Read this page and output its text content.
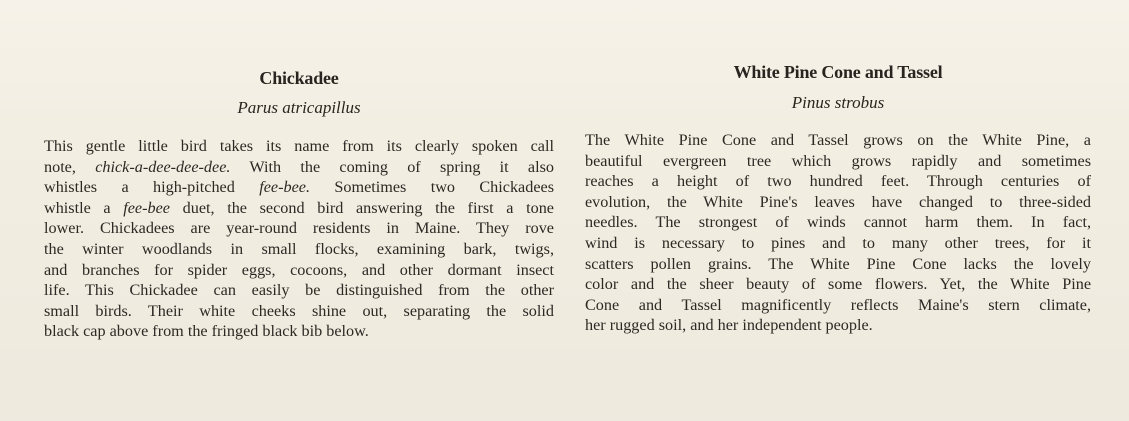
Chickadee
Parus atricapillus
This gentle little bird takes its name from its clearly spoken call
note, chick-a-dee-dee-dee. With the coming of spring it also
whistles a high-pitched fee-bee. Sometimes two Chickadees
whistle a fee-bee duet, the second bird answering the first a tone
lower. Chickadees are year-round residents in Maine. They rove
the winter woodlands in small flocks, examining bark, twigs,
and branches for spider eggs, cocoons, and other dormant insect
life. This Chickadee can easily be distinguished from the other
small birds. Their white cheeks shine out, separating the solid
black cap above from the fringed black bib below.
White Pine Cone and Tassel
Pinus strobus
The White Pine Cone and Tassel grows on the White Pine, a
beautiful evergreen tree which grows rapidly and sometimes
reaches a height of two hundred feet. Through centuries of
evolution, the White Pine's leaves have changed to three-sided
needles. The strongest of winds cannot harm them. In fact,
wind is necessary to pines and to many other trees, for it
scatters pollen grains. The White Pine Cone lacks the lovely
color and the sheer beauty of some flowers. Yet, the White Pine
Cone and Tassel magnificently reflects Maine's stern climate,
her rugged soil, and her independent people.
